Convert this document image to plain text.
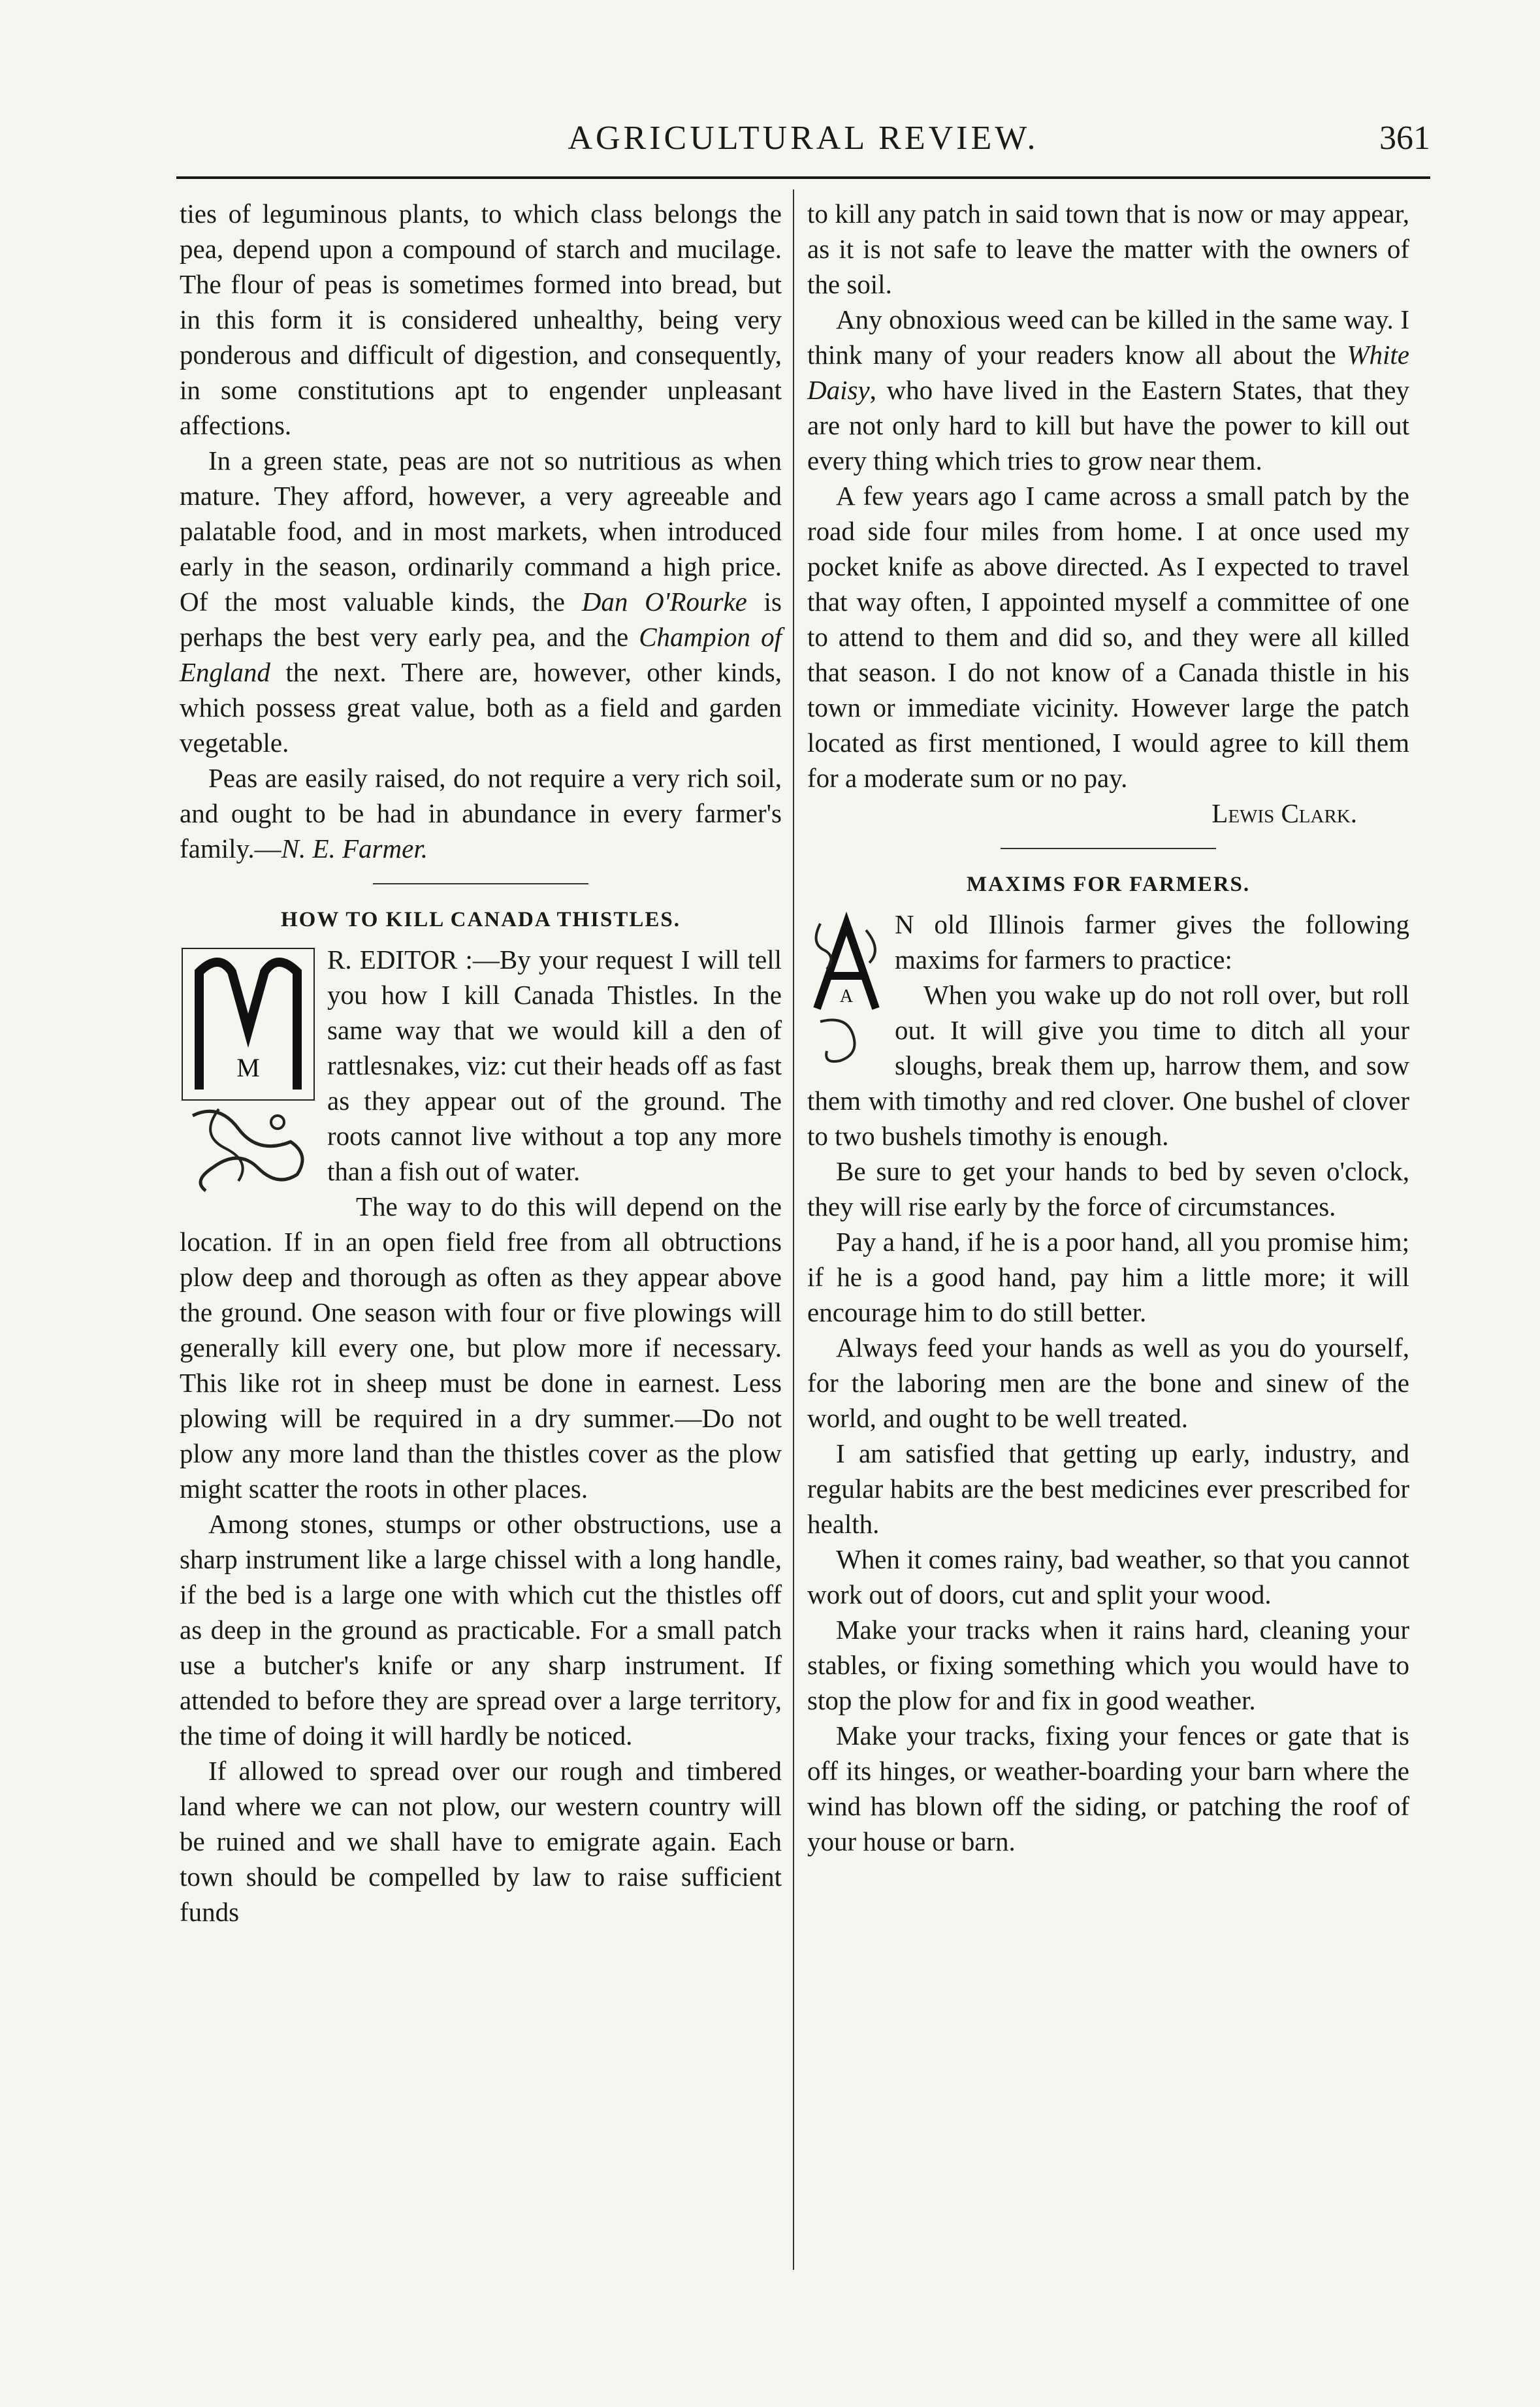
AGRICULTURAL REVIEW.	361

ties of leguminous plants, to which class belongs the pea, depend upon a compound of starch and mucilage. The flour of peas is sometimes formed into bread, but in this form it is considered unhealthy, being very ponderous and difficult of digestion, and consequently, in some constitutions apt to engender unpleasant affections.

In a green state, peas are not so nutritious as when mature. They afford, however, a very agreeable and palatable food, and in most markets, when introduced early in the season, ordinarily command a high price. Of the most valuable kinds, the Dan O'Rourke is perhaps the best very early pea, and the Champion of England the next. There are, however, other kinds, which possess great value, both as a field and garden vegetable.

Peas are easily raised, do not require a very rich soil, and ought to be had in abundance in every farmer's family.—N. E. Farmer.

HOW TO KILL CANADA THISTLES.
M

R. EDITOR :—By your request I will tell you how I kill Canada Thistles. In the same way that we would kill a den of rattlesnakes, viz: cut their heads off as fast as they appear out of the ground. The roots cannot live without a top any more than a fish out of water.

The way to do this will depend on the location. If in an open field free from all obtructions plow deep and thorough as often as they appear above the ground. One season with four or five plowings will generally kill every one, but plow more if necessary. This like rot in sheep must be done in earnest. Less plowing will be required in a dry summer.—Do not plow any more land than the thistles cover as the plow might scatter the roots in other places.

Among stones, stumps or other obstructions, use a sharp instrument like a large chissel with a long handle, if the bed is a large one with which cut the thistles off as deep in the ground as practicable. For a small patch use a butcher's knife or any sharp instrument. If attended to before they are spread over a large territory, the time of doing it will hardly be noticed.

If allowed to spread over our rough and timbered land where we can not plow, our western country will be ruined and we shall have to emigrate again. Each town should be compelled by law to raise sufficient funds

to kill any patch in said town that is now or may appear, as it is not safe to leave the matter with the owners of the soil.

Any obnoxious weed can be killed in the same way. I think many of your readers know all about the White Daisy, who have lived in the Eastern States, that they are not only hard to kill but have the power to kill out every thing which tries to grow near them.

A few years ago I came across a small patch by the road side four miles from home. I at once used my pocket knife as above directed. As I expected to travel that way often, I appointed myself a committee of one to attend to them and did so, and they were all killed that season. I do not know of a Canada thistle in his town or immediate vicinity. However large the patch located as first mentioned, I would agree to kill them for a moderate sum or no pay.

Lewis Clark.

MAXIMS FOR FARMERS.
A

N old Illinois farmer gives the following maxims for farmers to practice:

When you wake up do not roll over, but roll out. It will give you time to ditch all your sloughs, break them up, harrow them, and sow them with timothy and red clover. One bushel of clover to two bushels timothy is enough.

Be sure to get your hands to bed by seven o'clock, they will rise early by the force of circumstances.

Pay a hand, if he is a poor hand, all you promise him; if he is a good hand, pay him a little more; it will encourage him to do still better.

Always feed your hands as well as you do yourself, for the laboring men are the bone and sinew of the world, and ought to be well treated.

I am satisfied that getting up early, industry, and regular habits are the best medicines ever prescribed for health.

When it comes rainy, bad weather, so that you cannot work out of doors, cut and split your wood.

Make your tracks when it rains hard, cleaning your stables, or fixing something which you would have to stop the plow for and fix in good weather.

Make your tracks, fixing your fences or gate that is off its hinges, or weather-boarding your barn where the wind has blown off the siding, or patching the roof of your house or barn.
